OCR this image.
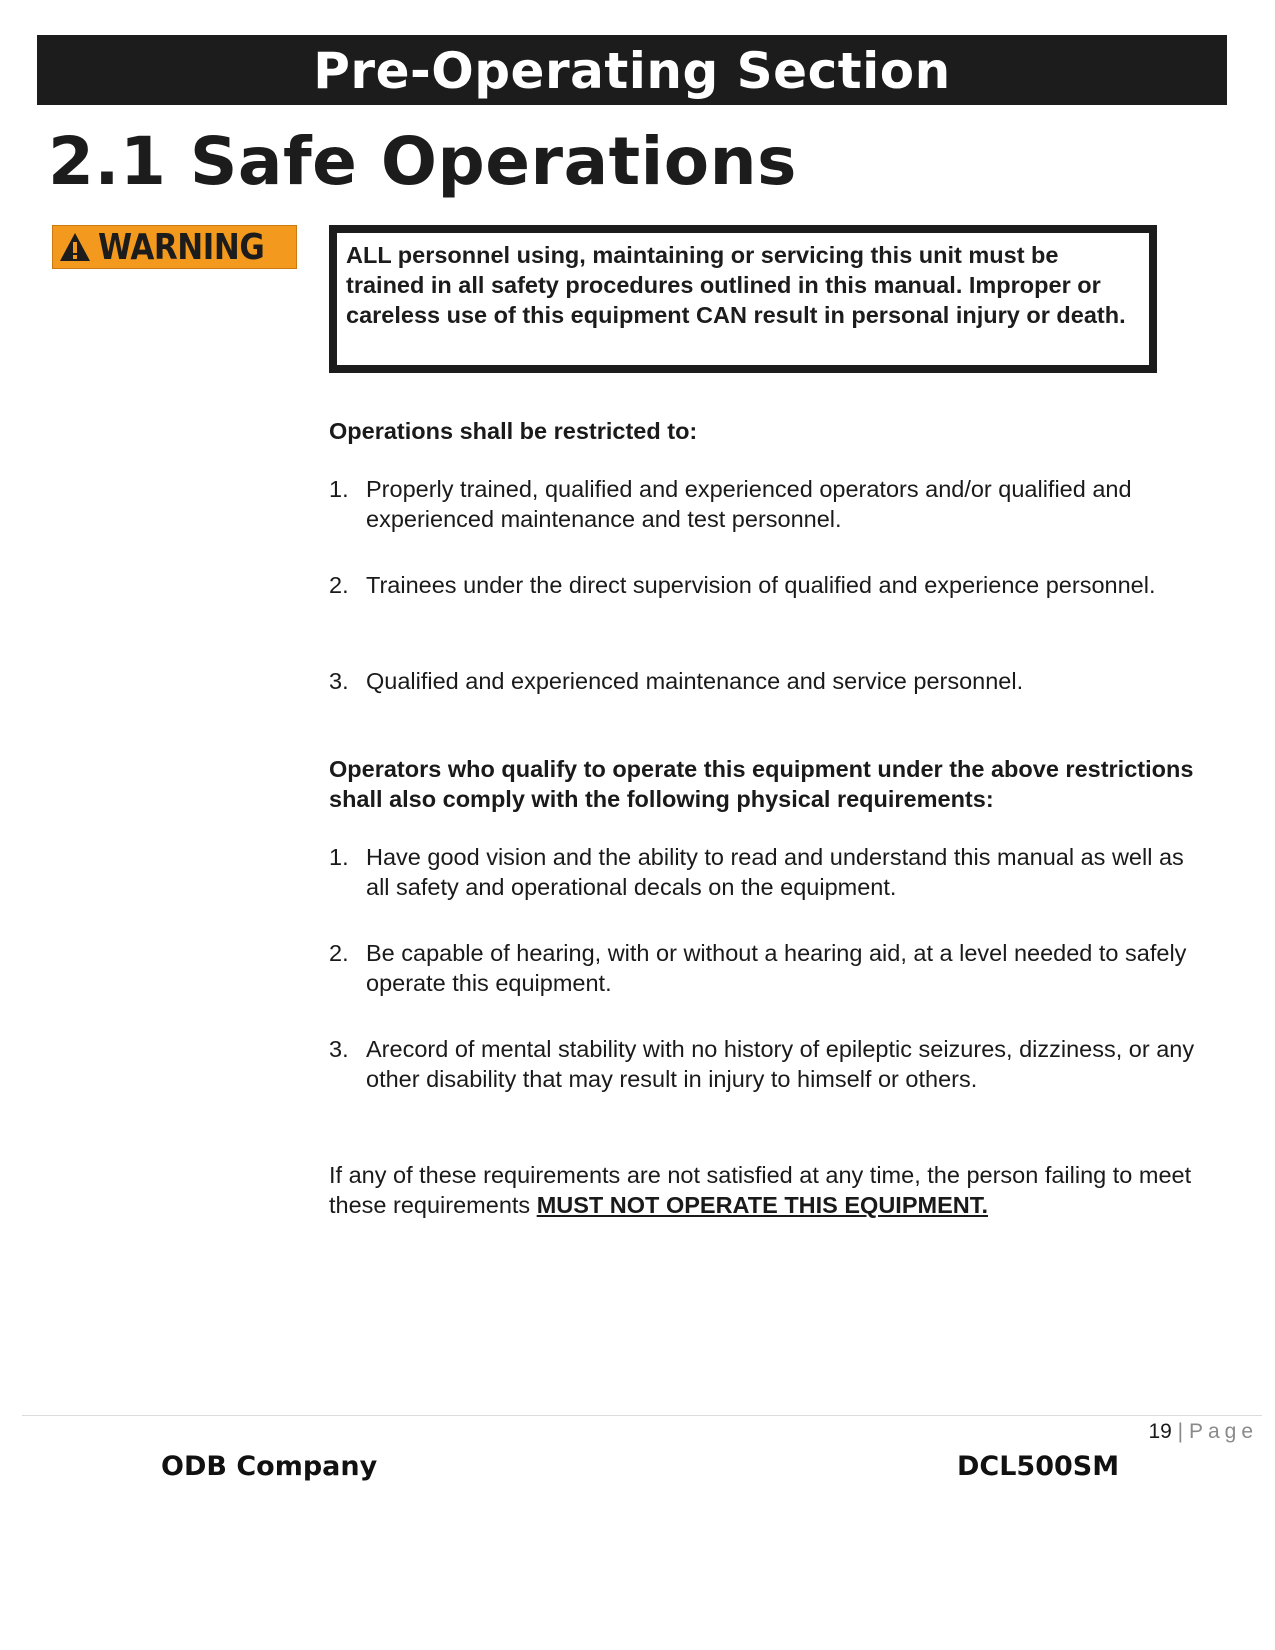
Pre-Operating Section
2.1 Safe Operations
WARNING	ALL personnel using, maintaining or servicing this unit must be trained in all safety procedures outlined in this manual. Improper or careless use of this equipment CAN result in personal injury or death.

Operations shall be restricted to:

1. Properly trained, qualified and experienced operators and/or qualified and experienced maintenance and test personnel.
2. Trainees under the direct supervision of qualified and experience personnel.
3. Qualified and experienced maintenance and service personnel.

Operators who qualify to operate this equipment under the above restrictions shall also comply with the following physical requirements:

1. Have good vision and the ability to read and understand this manual as well as all safety and operational decals on the equipment.
2. Be capable of hearing, with or without a hearing aid, at a level needed to safely operate this equipment.
3. Arecord of mental stability with no history of epileptic seizures, dizziness, or any other disability that may result in injury to himself or others.
If any of these requirements are not satisfied at any time, the person failing to meet these requirements MUST NOT OPERATE THIS EQUIPMENT.
19 | Page
ODB Company	DCL500SM
